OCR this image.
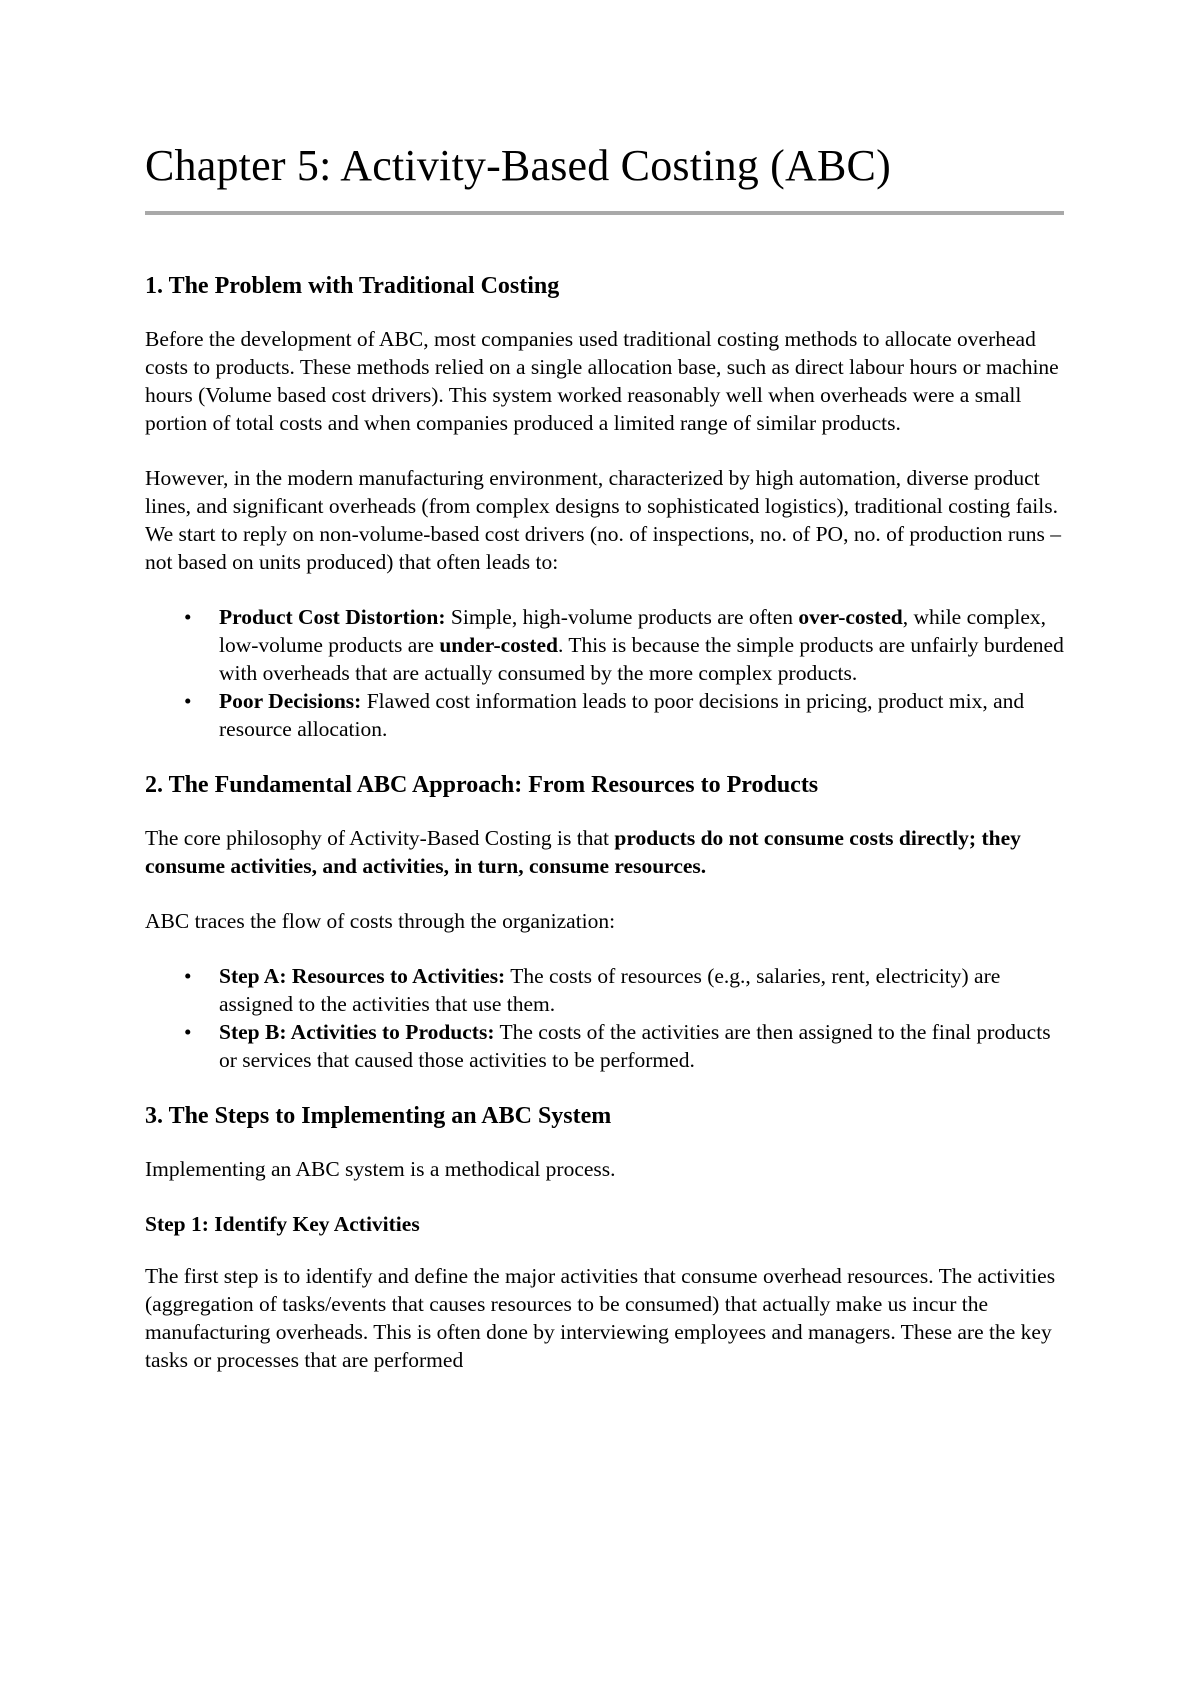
Chapter 5: Activity-Based Costing (ABC)
1. The Problem with Traditional Costing

Before the development of ABC, most companies used traditional costing methods to allocate overhead costs to products. These methods relied on a single allocation base, such as direct labour hours or machine hours (Volume based cost drivers). This system worked reasonably well when overheads were a small portion of total costs and when companies produced a limited range of similar products.

However, in the modern manufacturing environment, characterized by high automation, diverse product lines, and significant overheads (from complex designs to sophisticated logistics), traditional costing fails. We start to reply on non-volume-based cost drivers (no. of inspections, no. of PO, no. of production runs – not based on units produced) that often leads to:

• Product Cost Distortion: Simple, high-volume products are often over-costed, while complex, low-volume products are under-costed. This is because the simple products are unfairly burdened with overheads that are actually consumed by the more complex products.
• Poor Decisions: Flawed cost information leads to poor decisions in pricing, product mix, and resource allocation.
2. The Fundamental ABC Approach: From Resources to Products

The core philosophy of Activity-Based Costing is that products do not consume costs directly; they consume activities, and activities, in turn, consume resources.

ABC traces the flow of costs through the organization:

• Step A: Resources to Activities: The costs of resources (e.g., salaries, rent, electricity) are assigned to the activities that use them.
• Step B: Activities to Products: The costs of the activities are then assigned to the final products or services that caused those activities to be performed.
3. The Steps to Implementing an ABC System

Implementing an ABC system is a methodical process.

Step 1: Identify Key Activities

The first step is to identify and define the major activities that consume overhead resources. The activities (aggregation of tasks/events that causes resources to be consumed) that actually make us incur the manufacturing overheads. This is often done by interviewing employees and managers. These are the key tasks or processes that are performed
